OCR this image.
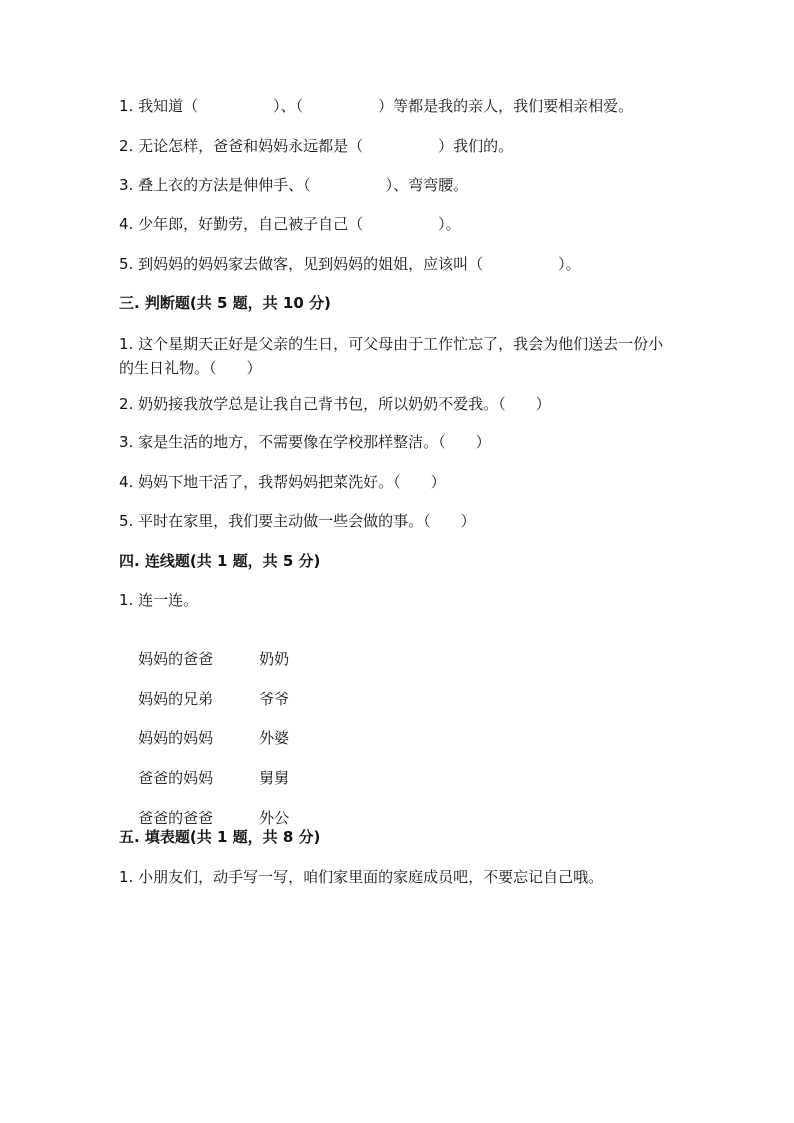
1. 我知道（　　　　　）、（　　　　　）等都是我的亲人，我们要相亲相爱。
2. 无论怎样，爸爸和妈妈永远都是（　　　　　）我们的。
3. 叠上衣的方法是伸伸手、（　　　　　）、弯弯腰。
4. 少年郎，好勤劳，自己被子自己（　　　　　）。
5. 到妈妈的妈妈家去做客，见到妈妈的姐姐，应该叫（　　　　　）。
三. 判断题(共 5 题，共 10 分)
1. 这个星期天正好是父亲的生日，可父母由于工作忙忘了，我会为他们送去一份小的生日礼物。（　　）
2. 奶奶接我放学总是让我自己背书包，所以奶奶不爱我。（　　）
3. 家是生活的地方，不需要像在学校那样整洁。（　　）
4. 妈妈下地干活了，我帮妈妈把菜洗好。（　　）
5. 平时在家里，我们要主动做一些会做的事。（　　）
四. 连线题(共 1 题，共 5 分)
1. 连一连。

妈妈的爸爸	奶奶

妈妈的兄弟	爷爷

妈妈的妈妈	外婆

爸爸的妈妈	舅舅

爸爸的爸爸	外公

五. 填表题(共 1 题，共 8 分)
1. 小朋友们，动手写一写，咱们家里面的家庭成员吧，不要忘记自己哦。
